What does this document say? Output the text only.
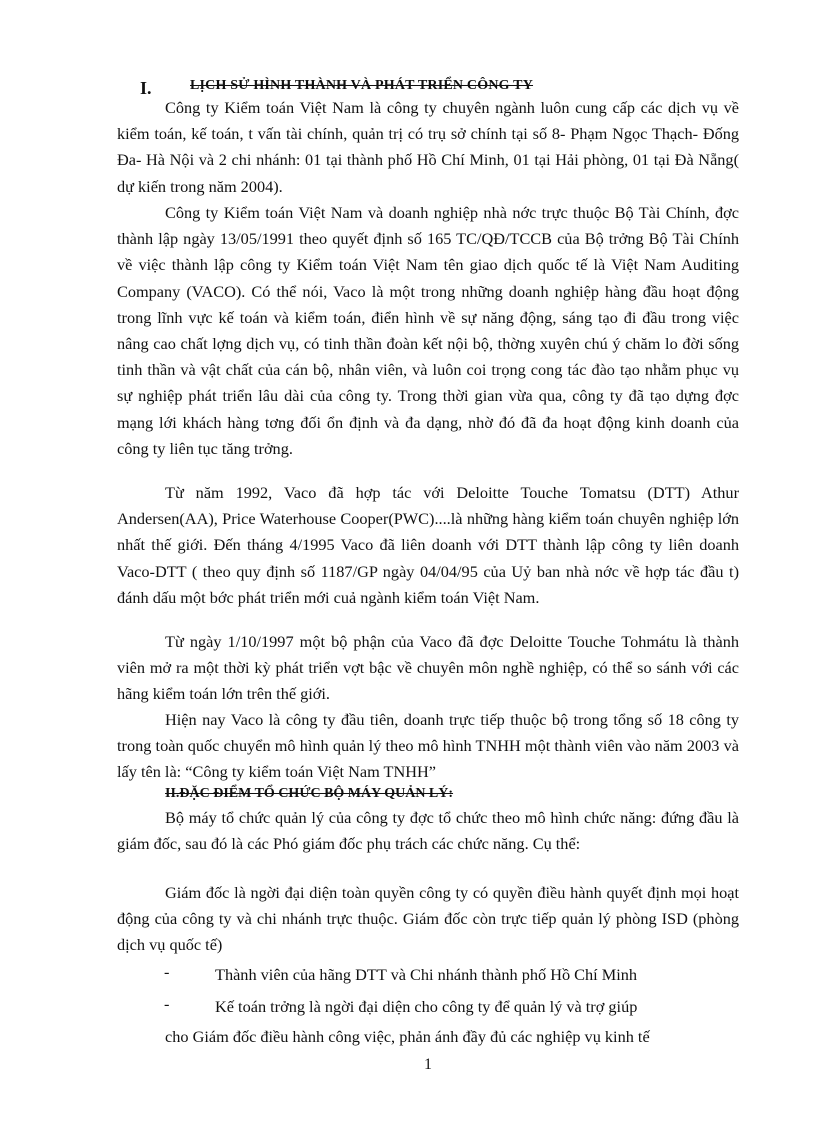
I.	LỊCH SỬ HÌNH THÀNH VÀ PHÁT TRIỂN CÔNG TY

Công ty Kiểm toán Việt Nam là công ty chuyên ngành luôn cung cấp các dịch vụ về kiểm toán, kế toán, t vấn tài chính, quản trị có trụ sở chính tại số 8- Phạm Ngọc Thạch- Đống Đa- Hà Nội và 2 chi nhánh: 01 tại thành phố Hồ Chí Minh, 01 tại Hải phòng, 01 tại Đà Nẵng( dự kiến trong năm 2004).

Công ty Kiểm toán Việt Nam và doanh nghiệp nhà nớc trực thuộc Bộ Tài Chính, đợc thành lập ngày 13/05/1991 theo quyết định số 165 TC/QĐ/TCCB của Bộ trởng Bộ Tài Chính về việc thành lập công ty Kiểm toán Việt Nam tên giao dịch quốc tế là Việt Nam Auditing Company (VACO). Có thể nói, Vaco là một trong những doanh nghiệp hàng đầu hoạt động trong lĩnh vực kế toán và kiểm toán, điển hình về sự năng động, sáng tạo đi đầu trong việc nâng cao chất lợng dịch vụ, có tinh thần đoàn kết nội bộ, thờng xuyên chú ý chăm lo đời sống tinh thần và vật chất của cán bộ, nhân viên, và luôn coi trọng cong tác đào tạo nhằm phục vụ sự nghiệp phát triển lâu dài của công ty. Trong thời gian vừa qua, công ty đã tạo dựng đợc mạng lới khách hàng tơng đối ổn định và đa dạng, nhờ đó đã đa hoạt động kinh doanh của công ty liên tục tăng trởng.

Từ năm 1992, Vaco đã hợp tác với Deloitte Touche Tomatsu (DTT) Athur Andersen(AA), Price Waterhouse Cooper(PWC)....là những hàng kiểm toán chuyên nghiệp lớn nhất thế giới. Đến tháng 4/1995 Vaco đã liên doanh với DTT thành lập công ty liên doanh Vaco-DTT ( theo quy định số 1187/GP ngày 04/04/95 của Uỷ ban nhà nớc về hợp tác đầu t) đánh dấu một bớc phát triển mới cuả ngành kiểm toán Việt Nam.

Từ ngày 1/10/1997 một bộ phận của Vaco đã đợc Deloitte Touche Tohmátu là thành viên mở ra một thời kỳ phát triển vợt bậc về chuyên môn nghề nghiệp, có thể so sánh với các hãng kiểm toán lớn trên thế giới.

Hiện nay Vaco là công ty đầu tiên, doanh trực tiếp thuộc bộ trong tổng số 18 công ty trong toàn quốc chuyển mô hình quản lý theo mô hình TNHH một thành viên vào năm 2003 và lấy tên là: “Công ty kiểm toán Việt Nam TNHH”

II.ĐẶC ĐIỂM TỔ CHỨC BỘ MÁY QUẢN LÝ:

Bộ máy tổ chức quản lý của công ty đợc tổ chức theo mô hình chức năng: đứng đầu là giám đốc, sau đó là các Phó giám đốc phụ trách các chức năng. Cụ thể:

Giám đốc là ngời đại diện toàn quyền công ty có quyền điều hành quyết định mọi hoạt động của công ty và chi nhánh trực thuộc. Giám đốc còn trực tiếp quản lý phòng ISD (phòng dịch vụ quốc tế)

-	Thành viên của hãng DTT và Chi nhánh thành phố Hồ Chí Minh
-	Kế toán trởng là ngời đại diện cho công ty để quản lý và trợ giúp
cho Giám đốc điều hành công việc, phản ánh đầy đủ các nghiệp vụ kinh tế
1
